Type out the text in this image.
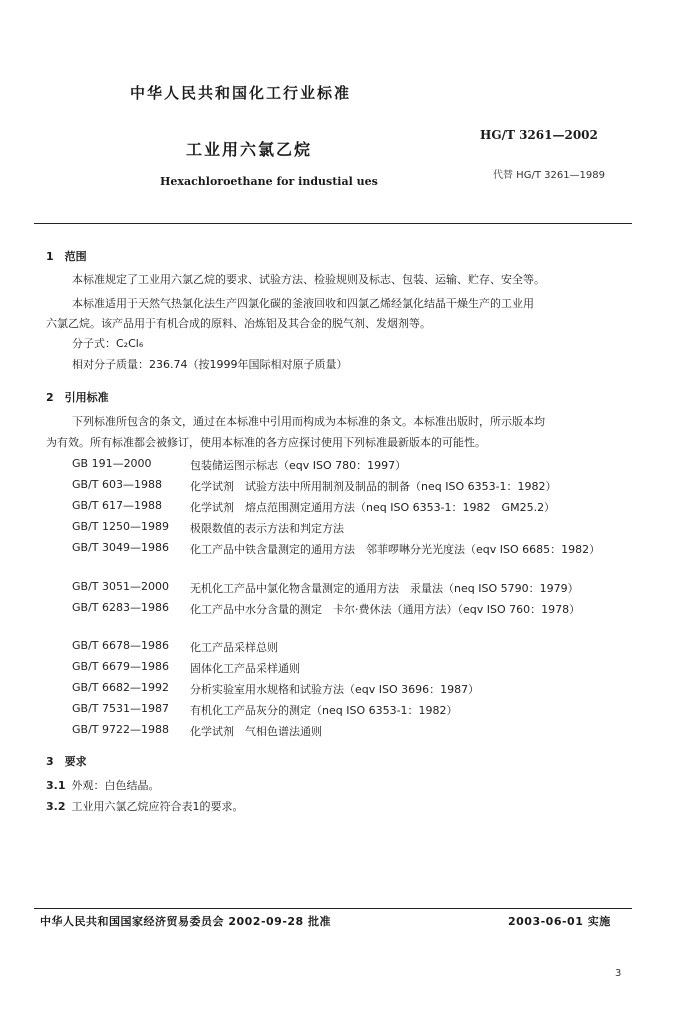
中华人民共和国化工行业标准
HG/T 3261—2002
工业用六氯乙烷
代替 HG/T 3261—1989
Hexachloroethane for industial ues
1　范围
本标准规定了工业用六氯乙烷的要求、试验方法、检验规则及标志、包装、运输、贮存、安全等。
本标准适用于天然气热氯化法生产四氯化碳的釜液回收和四氯乙烯经氯化结晶干燥生产的工业用
六氯乙烷。该产品用于有机合成的原料、冶炼铝及其合金的脱气剂、发烟剂等。
分子式：C₂Cl₆
相对分子质量：236.74（按1999年国际相对原子质量）
2　引用标准
下列标准所包含的条文，通过在本标准中引用而构成为本标准的条文。本标准出版时，所示版本均
为有效。所有标准都会被修订，使用本标准的各方应探讨使用下列标准最新版本的可能性。
GB 191—2000	包装储运图示标志（eqv ISO 780：1997）
GB/T 603—1988	化学试剂　试验方法中所用制剂及制品的制备（neq ISO 6353-1：1982）
GB/T 617—1988	化学试剂　熔点范围测定通用方法（neq ISO 6353-1：1982　GM25.2）
GB/T 1250—1989 极限数值的表示方法和判定方法
GB/T 3049—1986 化工产品中铁含量测定的通用方法　邻菲啰啉分光光度法（eqv ISO 6685：1982）
GB/T 3051—2000 无机化工产品中氯化物含量测定的通用方法　汞量法（neq ISO 5790：1979）
GB/T 6283—1986 化工产品中水分含量的测定　卡尔·费休法（通用方法）（eqv ISO 760：1978）
GB/T 6678—1986 化工产品采样总则
GB/T 6679—1986 固体化工产品采样通则
GB/T 6682—1992 分析实验室用水规格和试验方法（eqv ISO 3696：1987）
GB/T 7531—1987 有机化工产品灰分的测定（neq ISO 6353-1：1982）
GB/T 9722—1988 化学试剂　气相色谱法通则
3　要求
3.1 外观：白色结晶。
3.2 工业用六氯乙烷应符合表1的要求。
中华人民共和国国家经济贸易委员会 2002-09-28 批准	2003-06-01 实施
3
